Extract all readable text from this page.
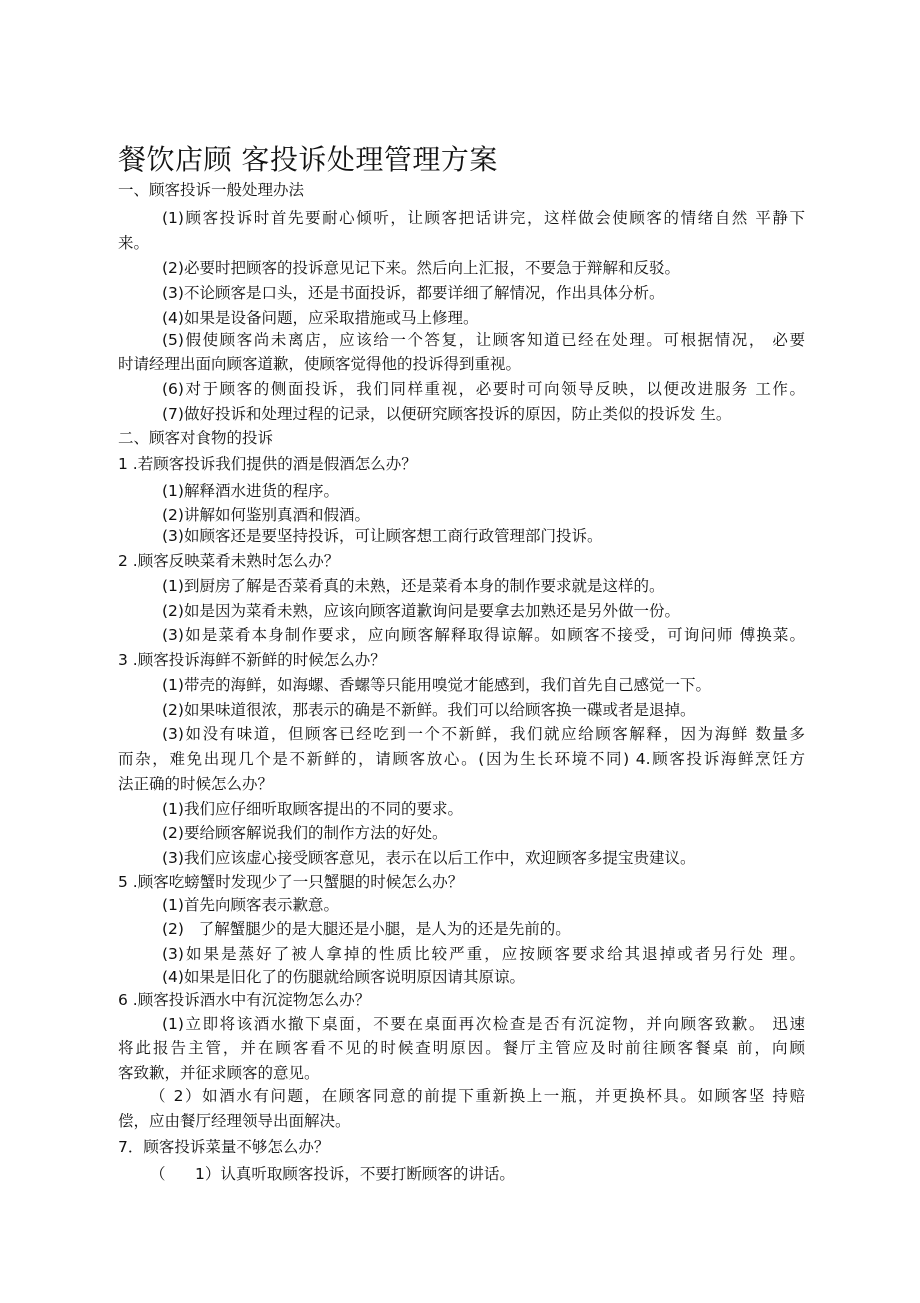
餐饮店顾 客投诉处理管理方案
一、顾客投诉一般处理办法
(1)顾客投诉时首先要耐心倾听，让顾客把话讲完，这样做会使顾客的情绪自然 平静下
来。
(2)必要时把顾客的投诉意见记下来。然后向上汇报，不要急于辩解和反驳。
(3)不论顾客是口头，还是书面投诉，都要详细了解情况，作出具体分析。
(4)如果是设备问题，应采取措施或马上修理。
(5)假使顾客尚未离店，应该给一个答复，让顾客知道已经在处理。可根据情况， 必要
时请经理出面向顾客道歉，使顾客觉得他的投诉得到重视。
(6)对于顾客的侧面投诉，我们同样重视，必要时可向领导反映，以便改进服务 工作。
(7)做好投诉和处理过程的记录，以便研究顾客投诉的原因，防止类似的投诉发 生。
二、顾客对食物的投诉
1 .若顾客投诉我们提供的酒是假酒怎么办？
(1)解释酒水进货的程序。
(2)讲解如何鉴别真酒和假酒。
(3)如顾客还是要坚持投诉，可让顾客想工商行政管理部门投诉。
2 .顾客反映菜肴未熟时怎么办？
(1)到厨房了解是否菜肴真的未熟，还是菜肴本身的制作要求就是这样的。
(2)如是因为菜肴未熟，应该向顾客道歉询问是要拿去加熟还是另外做一份。
(3)如是菜肴本身制作要求，应向顾客解释取得谅解。如顾客不接受，可询问师 傅换菜。
3 .顾客投诉海鲜不新鲜的时候怎么办？
(1)带壳的海鲜，如海螺、香螺等只能用嗅觉才能感到，我们首先自己感觉一下。
(2)如果味道很浓，那表示的确是不新鲜。我们可以给顾客换一碟或者是退掉。
(3)如没有味道，但顾客已经吃到一个不新鲜，我们就应给顾客解释，因为海鲜 数量多
而杂，难免出现几个是不新鲜的，请顾客放心。(因为生长环境不同) 4.顾客投诉海鲜烹饪方
法正确的时候怎么办？
(1)我们应仔细听取顾客提出的不同的要求。
(2)要给顾客解说我们的制作方法的好处。
(3)我们应该虚心接受顾客意见，表示在以后工作中，欢迎顾客多提宝贵建议。
5 .顾客吃螃蟹时发现少了一只蟹腿的时候怎么办？
(1)首先向顾客表示歉意。
(2)   了解蟹腿少的是大腿还是小腿，是人为的还是先前的。
(3)如果是蒸好了被人拿掉的性质比较严重，应按顾客要求给其退掉或者另行处 理。
(4)如果是旧化了的伤腿就给顾客说明原因请其原谅。
6 .顾客投诉酒水中有沉淀物怎么办？
(1)立即将该酒水撤下桌面，不要在桌面再次检查是否有沉淀物，并向顾客致歉。 迅速
将此报告主管，并在顾客看不见的时候查明原因。餐厅主管应及时前往顾客餐桌 前，向顾
客致歉，并征求顾客的意见。
（ 2）如酒水有问题，在顾客同意的前提下重新换上一瓶，并更换杯具。如顾客坚 持赔
偿，应由餐厅经理领导出面解决。
7．顾客投诉菜量不够怎么办？
（      1）认真听取顾客投诉，不要打断顾客的讲话。
